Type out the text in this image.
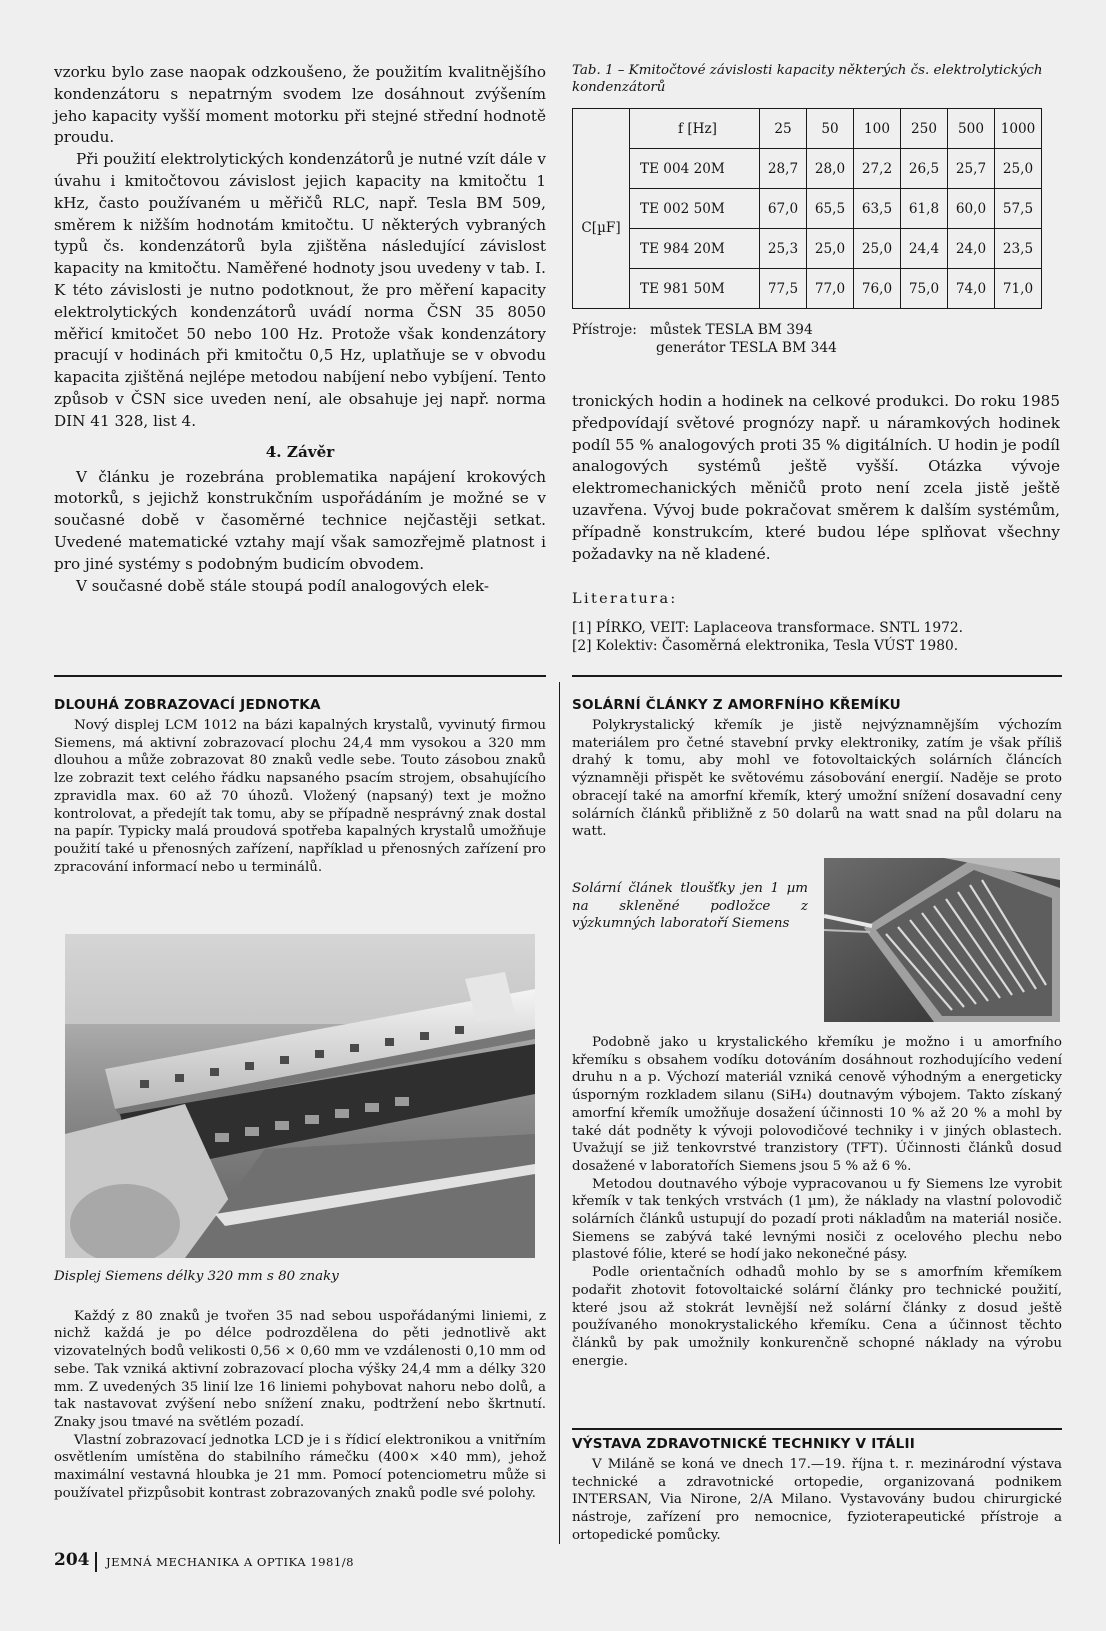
vzorku bylo zase naopak odzkoušeno, že použitím kvalitnějšího kondenzátoru s nepatrným svodem lze dosáhnout zvýšením jeho kapacity vyšší moment motorku při stejné střední hodnotě proudu.

Při použití elektrolytických kondenzátorů je nutné vzít dále v úvahu i kmitočtovou závislost jejich kapacity na kmitočtu 1 kHz, často používaném u měřičů RLC, např. Tesla BM 509, směrem k nižším hodnotám kmitočtu. U některých vybraných typů čs. kondenzátorů byla zjištěna následující závislost kapacity na kmitočtu. Naměřené hodnoty jsou uvedeny v tab. I. K této závislosti je nutno podotknout, že pro měření kapacity elektrolytických kondenzátorů uvádí norma ČSN 35 8050 měřicí kmitočet 50 nebo 100 Hz. Protože však kondenzátory pracují v hodinách při kmitočtu 0,5 Hz, uplatňuje se v obvodu kapacita zjištěná nejlépe metodou nabíjení nebo vybíjení. Tento způsob v ČSN sice uveden není, ale obsahuje jej např. norma DIN 41 328, list 4.

4. Závěr

V článku je rozebrána problematika napájení krokových motorků, s jejichž konstrukčním uspořádáním je možné se v současné době v časoměrné technice nejčastěji setkat. Uvedené matematické vztahy mají však samozřejmě platnost i pro jiné systémy s podobným budicím obvodem.

V současné době stále stoupá podíl analogových elek-

Tab. 1 – Kmitočtové závislosti kapacity některých čs. elektrolytických kondenzátorů

	f [Hz]	25	50	100	250	500	1000
C[µF]	TE 004 20M	28,7	28,0	27,2	26,5	25,7	25,0
	TE 002 50M	67,0	65,5	63,5	61,8	60,0	57,5
	TE 984 20M	25,3	25,0	25,0	24,4	24,0	23,5
	TE 981 50M	77,5	77,0	76,0	75,0	74,0	71,0
Přístroje: můstek TESLA BM 394
generátor TESLA BM 344

tronických hodin a hodinek na celkové produkci. Do roku 1985 předpovídají světové prognózy např. u náramkových hodinek podíl 55 % analogových proti 35 % digitálních. U hodin je podíl analogových systémů ještě vyšší. Otázka vývoje elektromechanických měničů proto není zcela jistě ještě uzavřena. Vývoj bude pokračovat směrem k dalším systémům, případně konstrukcím, které budou lépe splňovat všechny požadavky na ně kladené.

Literatura:

[1] PÍRKO, VEIT: Laplaceova transformace. SNTL 1972.

[2] Kolektiv: Časoměrná elektronika, Tesla VÚST 1980.

DLOUHÁ ZOBRAZOVACÍ JEDNOTKA

Nový displej LCM 1012 na bázi kapalných krystalů, vyvinutý firmou Siemens, má aktivní zobrazovací plochu 24,4 mm vysokou a 320 mm dlouhou a může zobrazovat 80 znaků vedle sebe. Touto zásobou znaků lze zobrazit text celého řádku napsaného psacím strojem, obsahujícího zpravidla max. 60 až 70 úhozů. Vložený (napsaný) text je možno kontrolovat, a předejít tak tomu, aby se případně nesprávný znak dostal na papír. Typicky malá proudová spotřeba kapalných krystalů umožňuje použití také u přenosných zařízení, například u přenosných zařízení pro zpracování informací nebo u terminálů.

Displej Siemens délky 320 mm s 80 znaky

Každý z 80 znaků je tvořen 35 nad sebou uspořádanými liniemi, z nichž každá je po délce podrozdělena do pěti jednotlivě akt vizovatelných bodů velikosti 0,56 × 0,60 mm ve vzdálenosti 0,10 mm od sebe. Tak vzniká aktivní zobrazovací plocha výšky 24,4 mm a délky 320 mm. Z uvedených 35 linií lze 16 liniemi pohybovat nahoru nebo dolů, a tak nastavovat zvýšení nebo snížení znaku, podtržení nebo škrtnutí. Znaky jsou tmavé na světlém pozadí.

Vlastní zobrazovací jednotka LCD je i s řídicí elektronikou a vnitřním osvětlením umístěna do stabilního rámečku (400× ×40 mm), jehož maximální vestavná hloubka je 21 mm. Pomocí potenciometru může si používatel přizpůsobit kontrast zobrazovaných znaků podle své polohy.

SOLÁRNÍ ČLÁNKY Z AMORFNÍHO KŘEMÍKU

Polykrystalický křemík je jistě nejvýznamnějším výchozím materiálem pro četné stavební prvky elektroniky, zatím je však příliš drahý k tomu, aby mohl ve fotovoltaických solárních článcích významněji přispět ke světovému zásobování energií. Naděje se proto obracejí také na amorfní křemík, který umožní snížení dosavadní ceny solárních článků přibližně z 50 dolarů na watt snad na půl dolaru na watt.

Solární článek tloušťky jen 1 µm na skleněné podložce z výzkumných laboratoří Siemens

Podobně jako u krystalického křemíku je možno i u amorfního křemíku s obsahem vodíku dotováním dosáhnout rozhodujícího vedení druhu n a p. Výchozí materiál vzniká cenově výhodným a energeticky úsporným rozkladem silanu (SiH₄) doutnavým výbojem. Takto získaný amorfní křemík umožňuje dosažení účinnosti 10 % až 20 % a mohl by také dát podněty k vývoji polovodičové techniky i v jiných oblastech. Uvažují se již tenkovrstvé tranzistory (TFT). Účinnosti článků dosud dosažené v laboratořích Siemens jsou 5 % až 6 %.

Metodou doutnavého výboje vypracovanou u fy Siemens lze vyrobit křemík v tak tenkých vrstvách (1 µm), že náklady na vlastní polovodič solárních článků ustupují do pozadí proti nákladům na materiál nosiče. Siemens se zabývá také levnými nosiči z ocelového plechu nebo plastové fólie, které se hodí jako nekonečné pásy.

Podle orientačních odhadů mohlo by se s amorfním křemíkem podařit zhotovit fotovoltaické solární články pro technické použití, které jsou až stokrát levnější než solární články z dosud ještě používaného monokrystalického křemíku. Cena a účinnost těchto článků by pak umožnily konkurenčně schopné náklady na výrobu energie.

VÝSTAVA ZDRAVOTNICKÉ TECHNIKY V ITÁLII

V Miláně se koná ve dnech 17.—19. října t. r. mezinárodní výstava technické a zdravotnické ortopedie, organizovaná podnikem INTERSAN, Via Nirone, 2/A Milano. Vystavovány budou chirurgické nástroje, zařízení pro nemocnice, fyzioterapeutické přístroje a ortopedické pomůcky.

204 JEMNÁ MECHANIKA A OPTIKA 1981/8
